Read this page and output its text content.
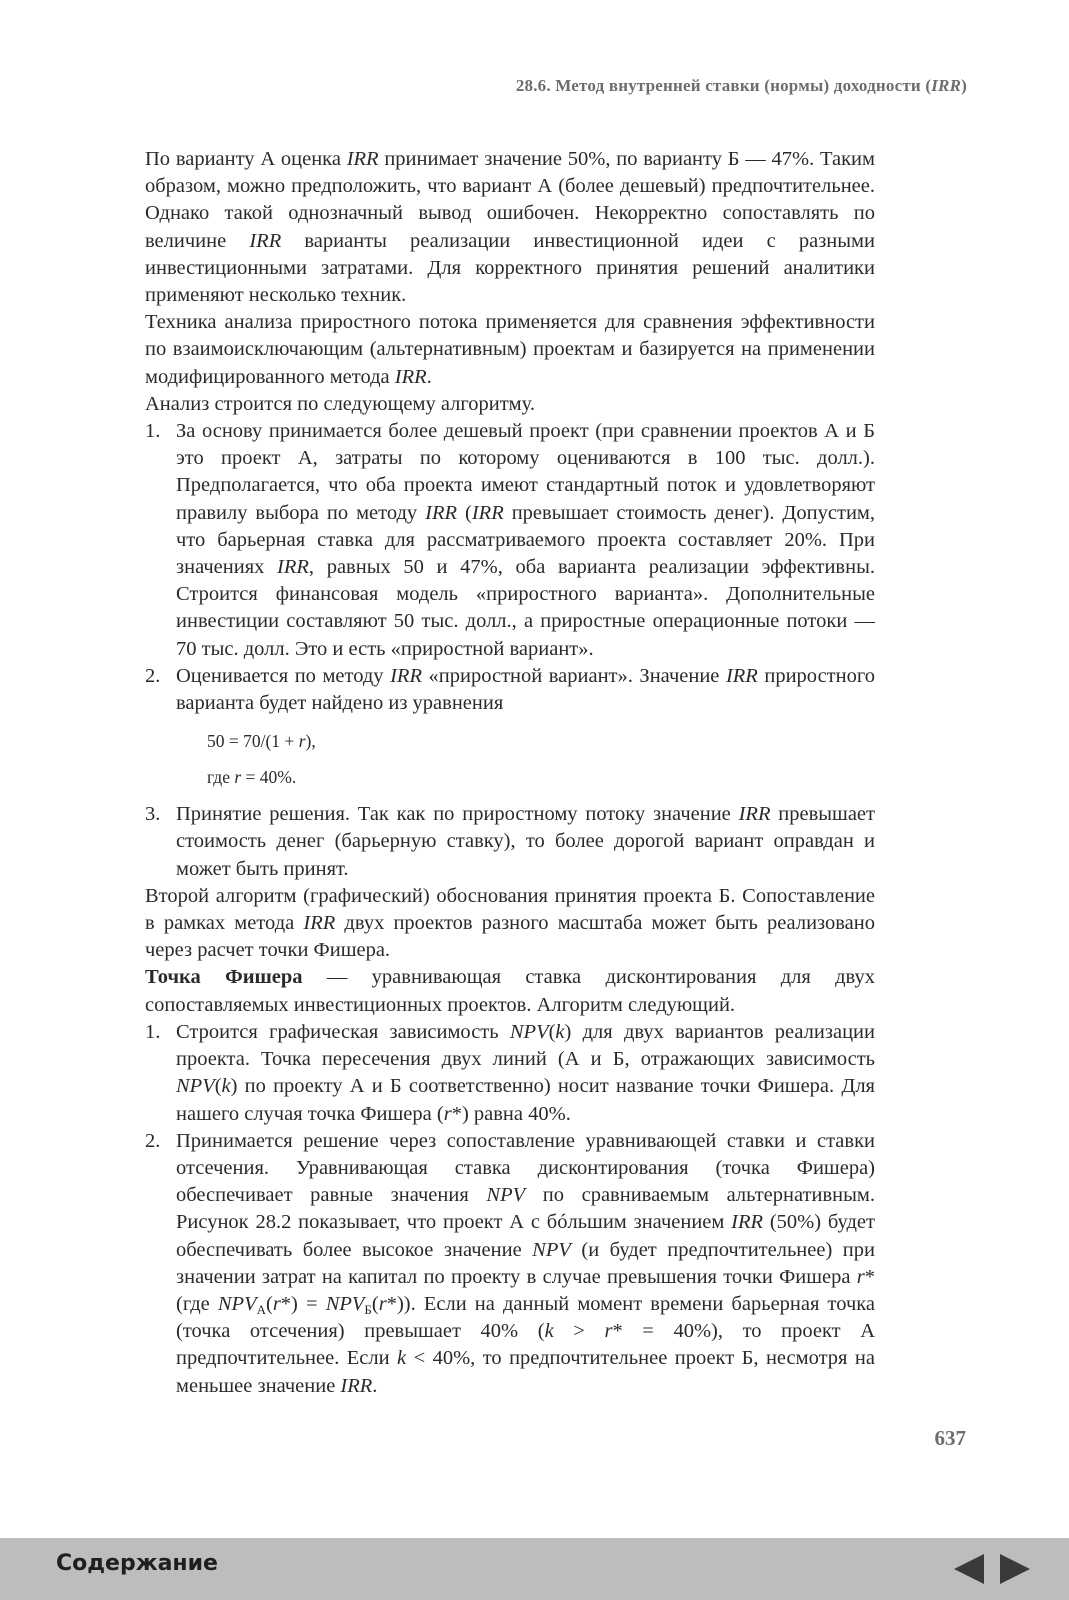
28.6. Метод внутренней ставки (нормы) доходности (IRR)

По варианту А оценка IRR принимает значение 50%, по варианту Б — 47%. Таким образом, можно предположить, что вариант А (более дешевый) предпочтительнее. Однако такой однозначный вывод ошибочен. Некорректно сопоставлять по величине IRR варианты реализации инвестиционной идеи с разными инвестиционными затратами. Для корректного принятия решений аналитики применяют несколько техник.

Техника анализа приростного потока применяется для сравнения эффективности по взаимоисключающим (альтернативным) проектам и базируется на применении модифицированного метода IRR.

Анализ строится по следующему алгоритму.

1. За основу принимается более дешевый проект (при сравнении проектов А и Б это проект А, затраты по которому оцениваются в 100 тыс. долл.). Предполагается, что оба проекта имеют стандартный поток и удовлетворяют правилу выбора по методу IRR (IRR превышает стоимость денег). Допустим, что барьерная ставка для рассматриваемого проекта составляет 20%. При значениях IRR, равных 50 и 47%, оба варианта реализации эффективны. Строится финансовая модель «приростного варианта». Дополнительные инвестиции составляют 50 тыс. долл., а приростные операционные потоки — 70 тыс. долл. Это и есть «приростной вариант».
2. Оценивается по методу IRR «приростной вариант». Значение IRR приростного варианта будет найдено из уравнения
50 = 70/(1 + r),
где r = 40%.
3. Принятие решения. Так как по приростному потоку значение IRR превышает стоимость денег (барьерную ставку), то более дорогой вариант оправдан и может быть принят.

Второй алгоритм (графический) обоснования принятия проекта Б. Сопоставление в рамках метода IRR двух проектов разного масштаба может быть реализовано через расчет точки Фишера.

Точка Фишера — уравнивающая ставка дисконтирования для двух сопоставляемых инвестиционных проектов. Алгоритм следующий.

1. Строится графическая зависимость NPV(k) для двух вариантов реализации проекта. Точка пересечения двух линий (А и Б, отражающих зависимость NPV(k) по проекту А и Б соответственно) носит название точки Фишера. Для нашего случая точка Фишера (r*) равна 40%.
2. Принимается решение через сопоставление уравнивающей ставки и ставки отсечения. Уравнивающая ставка дисконтирования (точка Фишера) обеспечивает равные значения NPV по сравниваемым альтернативным. Рисунок 28.2 показывает, что проект А с бóльшим значением IRR (50%) будет обеспечивать более высокое значение NPV (и будет предпочтительнее) при значении затрат на капитал по проекту в случае превышения точки Фишера r* (где $NPV_А(r*) = NPV_Б(r*)$). Если на данный момент времени барьерная точка (точка отсечения) превышает 40% (k > r* = 40%), то проект А предпочтительнее. Если k < 40%, то предпочтительнее проект Б, несмотря на меньшее значение IRR.
637
Содержание
